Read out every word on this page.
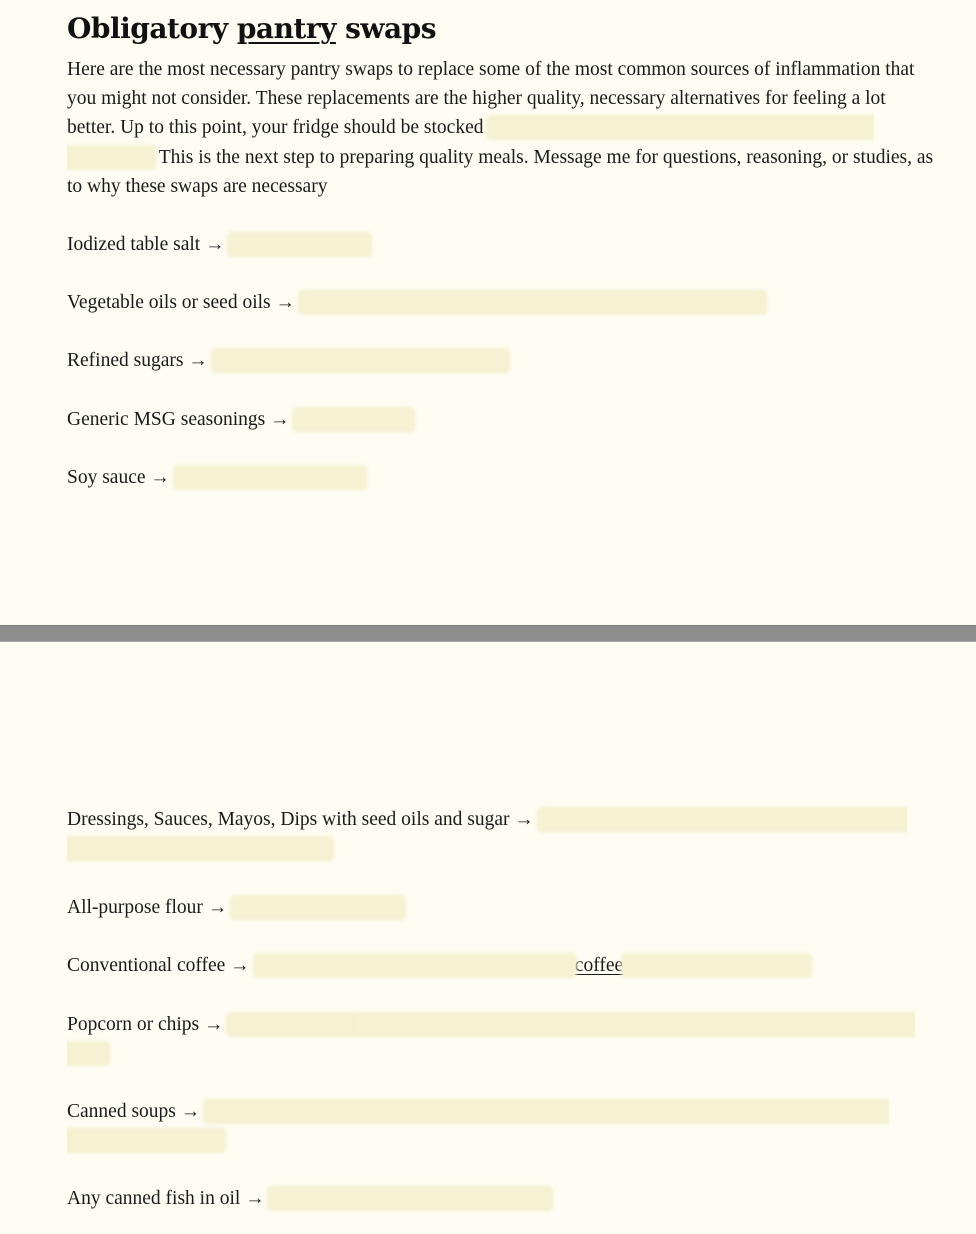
Obligatory pantry swaps

Here are the most necessary pantry swaps to replace some of the most common sources of inflammation that you might not consider. These replacements are the higher quality, necessary alternatives for feeling a lot better. Up to this point, your fridge should be stocked This is the next step to preparing quality meals. Message me for questions, reasoning, or studies, as to why these swaps are necessary

Iodized table salt →

Vegetable oils or seed oils →

Refined sugars →

Generic MSG seasonings →

Soy sauce →

Dressings, Sauces, Mayos, Dips with seed oils and sugar →

All-purpose flour →

Conventional coffee →	coffee

Popcorn or chips →

Canned soups →

Any canned fish in oil →
